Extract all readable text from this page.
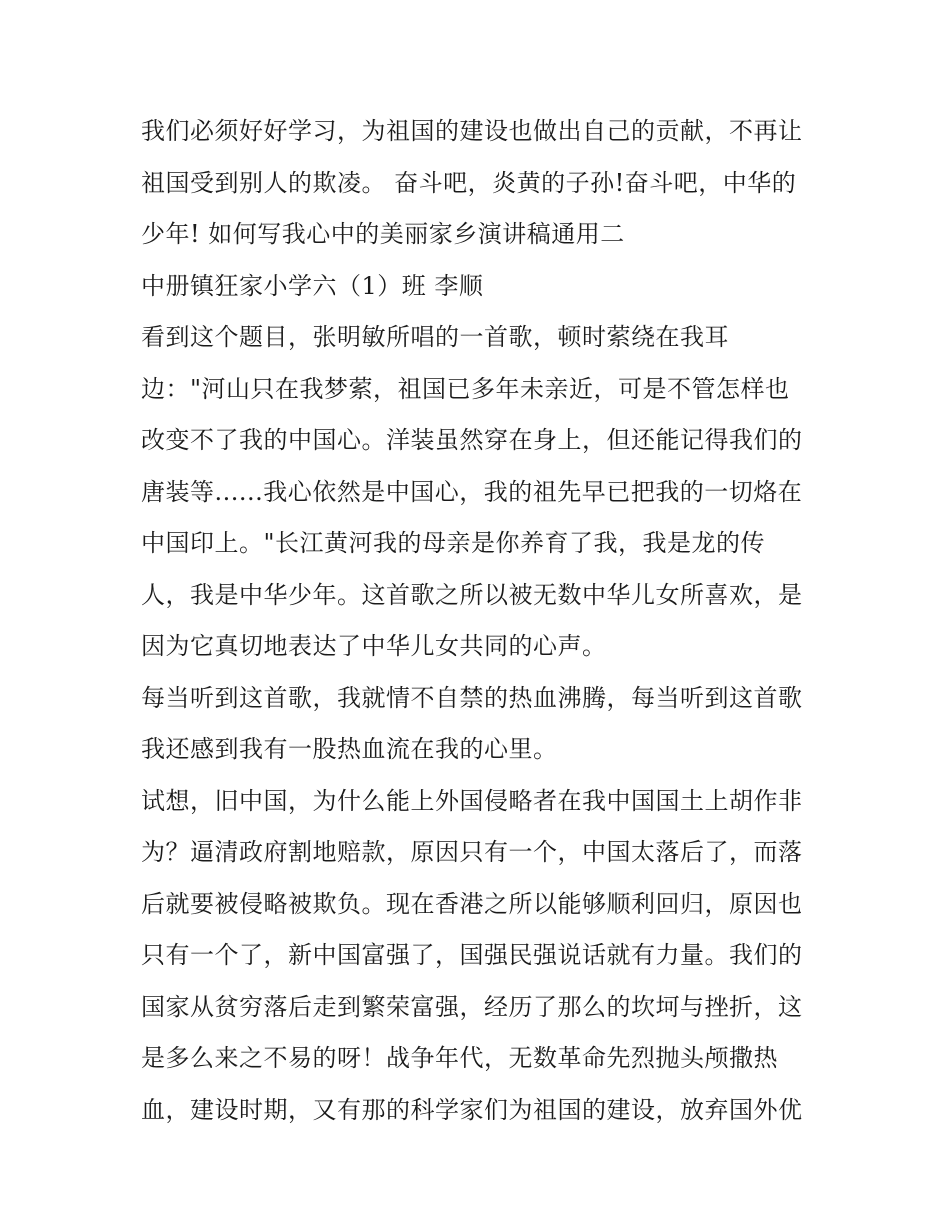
我们必须好好学习，为祖国的建设也做出自己的贡献，不再让
祖国受到别人的欺凌。 奋斗吧，炎黄的子孙!奋斗吧，中华的
少年! 如何写我心中的美丽家乡演讲稿通用二
中册镇狂家小学六（1）班 李顺
看到这个题目，张明敏所唱的一首歌，顿时萦绕在我耳
边："河山只在我梦萦，祖国已多年未亲近，可是不管怎样也
改变不了我的中国心。洋装虽然穿在身上，但还能记得我们的
唐装等......我心依然是中国心，我的祖先早已把我的一切烙在
中国印上。"长江黄河我的母亲是你养育了我，我是龙的传
人，我是中华少年。这首歌之所以被无数中华儿女所喜欢，是
因为它真切地表达了中华儿女共同的心声。
每当听到这首歌，我就情不自禁的热血沸腾，每当听到这首歌
我还感到我有一股热血流在我的心里。
试想，旧中国，为什么能上外国侵略者在我中国国土上胡作非
为？逼清政府割地赔款，原因只有一个，中国太落后了，而落
后就要被侵略被欺负。现在香港之所以能够顺利回归，原因也
只有一个了，新中国富强了，国强民强说话就有力量。我们的
国家从贫穷落后走到繁荣富强，经历了那么的坎坷与挫折，这
是多么来之不易的呀！战争年代，无数革命先烈抛头颅撒热
血，建设时期，又有那的科学家们为祖国的建设，放弃国外优
